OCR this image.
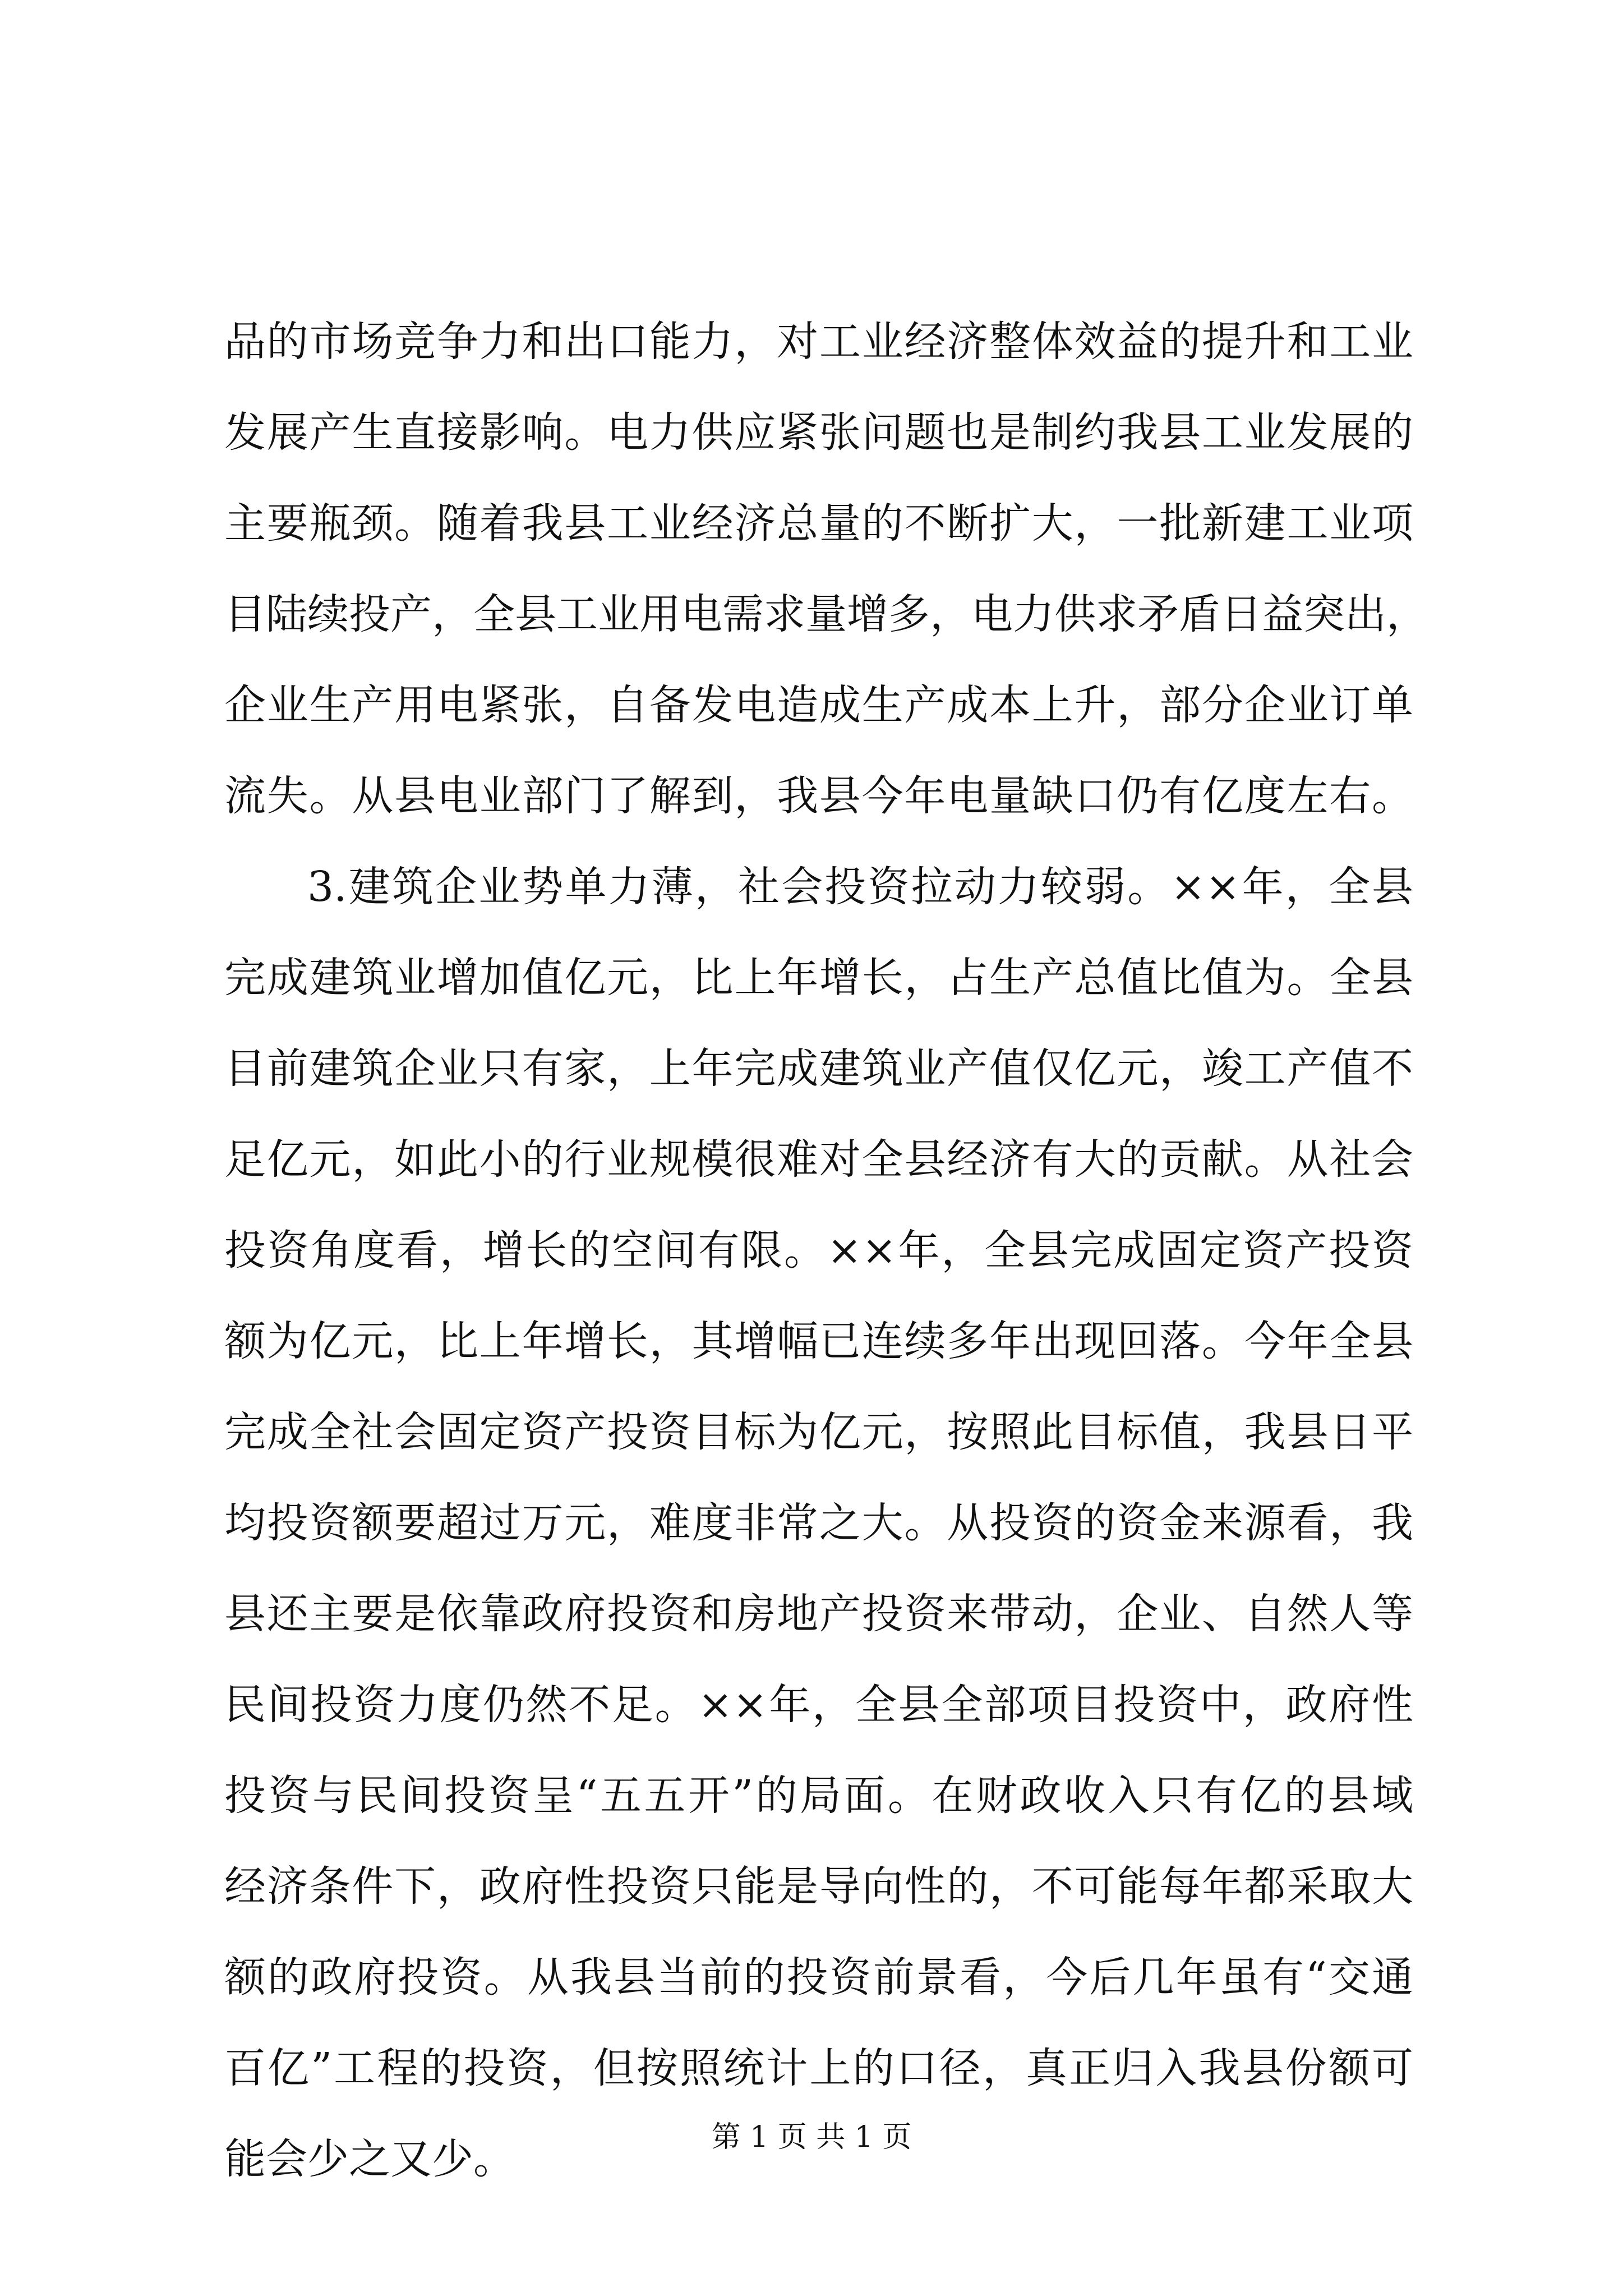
品的市场竞争力和出口能力，对工业经济整体效益的提升和工业
发展产生直接影响。电力供应紧张问题也是制约我县工业发展的
主要瓶颈。随着我县工业经济总量的不断扩大，一批新建工业项
目陆续投产，全县工业用电需求量增多，电力供求矛盾日益突出，
企业生产用电紧张，自备发电造成生产成本上升，部分企业订单
流失。从县电业部门了解到，我县今年电量缺口仍有亿度左右。
3.建筑企业势单力薄，社会投资拉动力较弱。××年，全县
完成建筑业增加值亿元，比上年增长，占生产总值比值为。全县
目前建筑企业只有家，上年完成建筑业产值仅亿元，竣工产值不
足亿元，如此小的行业规模很难对全县经济有大的贡献。从社会
投资角度看，增长的空间有限。××年，全县完成固定资产投资
额为亿元，比上年增长，其增幅已连续多年出现回落。今年全县
完成全社会固定资产投资目标为亿元，按照此目标值，我县日平
均投资额要超过万元，难度非常之大。从投资的资金来源看，我
县还主要是依靠政府投资和房地产投资来带动，企业、自然人等
民间投资力度仍然不足。××年，全县全部项目投资中，政府性
投资与民间投资呈“五五开”的局面。在财政收入只有亿的县域
经济条件下，政府性投资只能是导向性的，不可能每年都采取大
额的政府投资。从我县当前的投资前景看，今后几年虽有“交通
百亿”工程的投资，但按照统计上的口径，真正归入我县份额可
能会少之又少。	第 1 页 共 1 页
